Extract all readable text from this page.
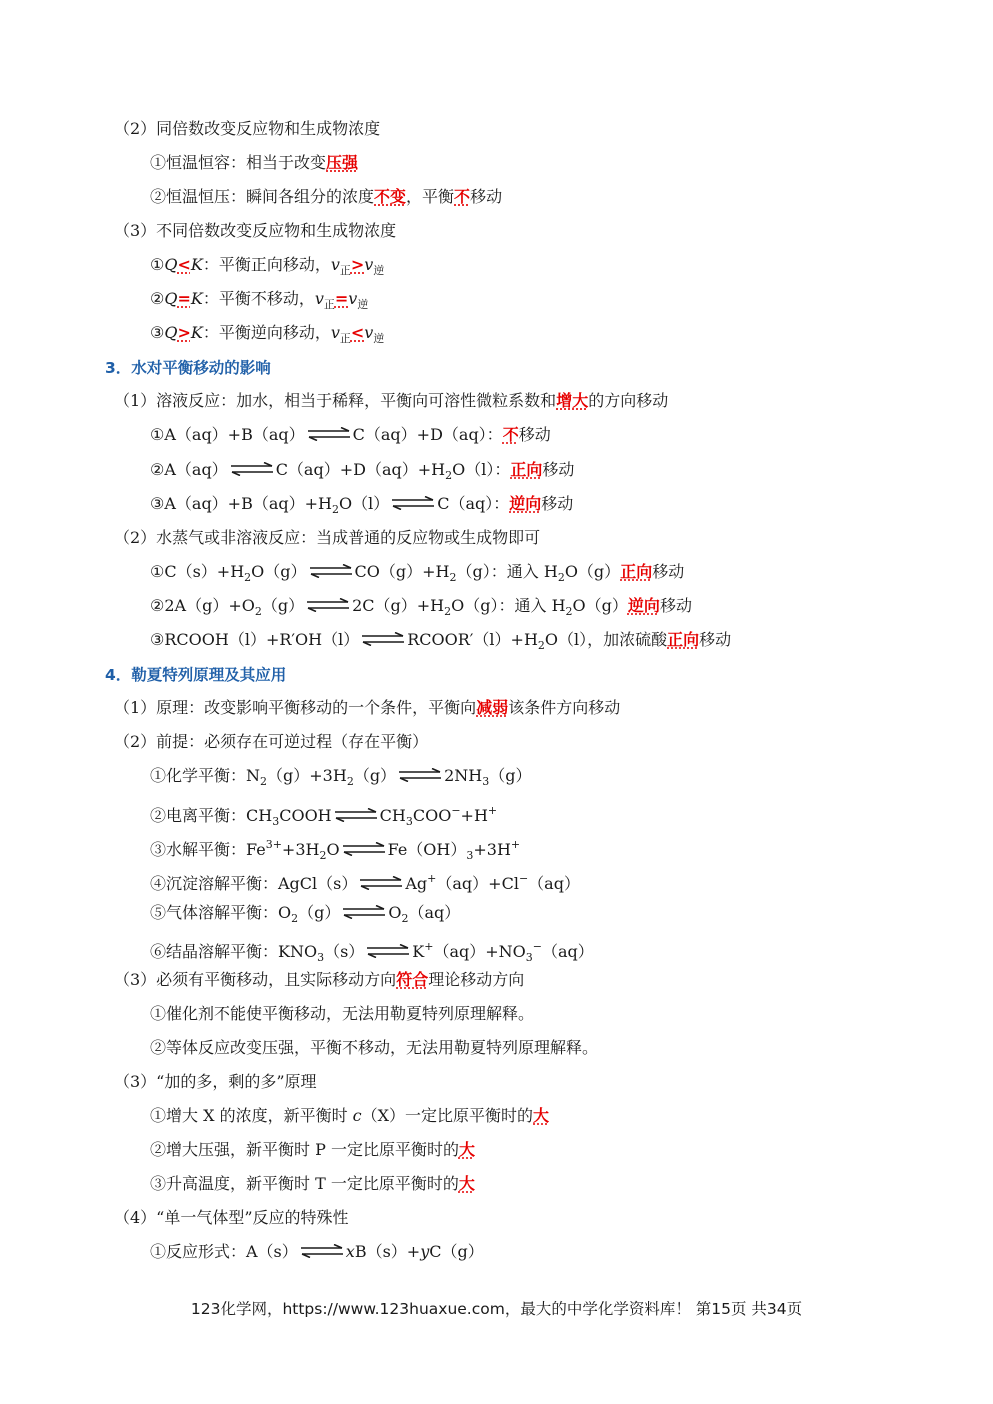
（2）同倍数改变反应物和生成物浓度
①恒温恒容：相当于改变压强
②恒温恒压：瞬间各组分的浓度不变，平衡不移动
（3）不同倍数改变反应物和生成物浓度
①Q<K：平衡正向移动，$v_正>v_逆$
②Q=K：平衡不移动，$v_正=v_逆$
③Q>K：平衡逆向移动，$v_正<v_逆$
3．水对平衡移动的影响
（1）溶液反应：加水，相当于稀释，平衡向可溶性微粒系数和增大的方向移动
①A（aq）+B（aq） ⇌ C（aq）+D（aq）：不移动
②A（aq） ⇌ $C(aq)+D(aq)+H_2O(l)$：正向移动
$③A(aq)+B(aq)+H_2O(l)$ ⇌ C（aq）：逆向移动
（2）水蒸气或非溶液反应：当成普通的反应物或生成物即可
$①C(s)+H_2O(g)$ ⇌ $CO(g)+H_2(g)$：通入 $H_2O(g)$正向移动
$②2A(g)+O_2(g)$ ⇌ $2C(g)+H_2O(g)$：通入 $H_2O(g)$逆向移动
③RCOOH（l）+R′OH（l） ⇌ $RCOOR'(l)+H_2O(l)$，加浓硫酸正向移动
4．勒夏特列原理及其应用
（1）原理：改变影响平衡移动的一个条件，平衡向减弱该条件方向移动
（2）前提：必须存在可逆过程（存在平衡）
①化学平衡：$N_2(g)+3H_2(g)$ ⇌ $2NH_3(g)$
②电离平衡：$CH_3COOH$ ⇌ $CH_3COO^-+H^+$
③水解平衡：$Fe^{3+}+3H_2O$ ⇌ $Fe(OH)_3+3H^+$
④沉淀溶解平衡：AgCl（s） ⇌ Ag+（aq）+Cl−（aq）
⑤气体溶解平衡：$O_2(g)$ ⇌ $O_2(aq)$
⑥结晶溶解平衡：$KNO_3(s)$ ⇌ $K^+(aq)+NO_3^-(aq)$
（3）必须有平衡移动，且实际移动方向符合理论移动方向
①催化剂不能使平衡移动，无法用勒夏特列原理解释。
②等体反应改变压强，平衡不移动，无法用勒夏特列原理解释。
（3）“加的多，剩的多”原理
①增大 X 的浓度，新平衡时 c（X）一定比原平衡时的大
②增大压强，新平衡时 P 一定比原平衡时的大
③升高温度，新平衡时 T 一定比原平衡时的大
（4）“单一气体型”反应的特殊性
①反应形式：A（s） ⇌ xB（s）+yC（g）
123化学网，https://www.123huaxue.com，最大的中学化学资料库！ 第15页 共34页
